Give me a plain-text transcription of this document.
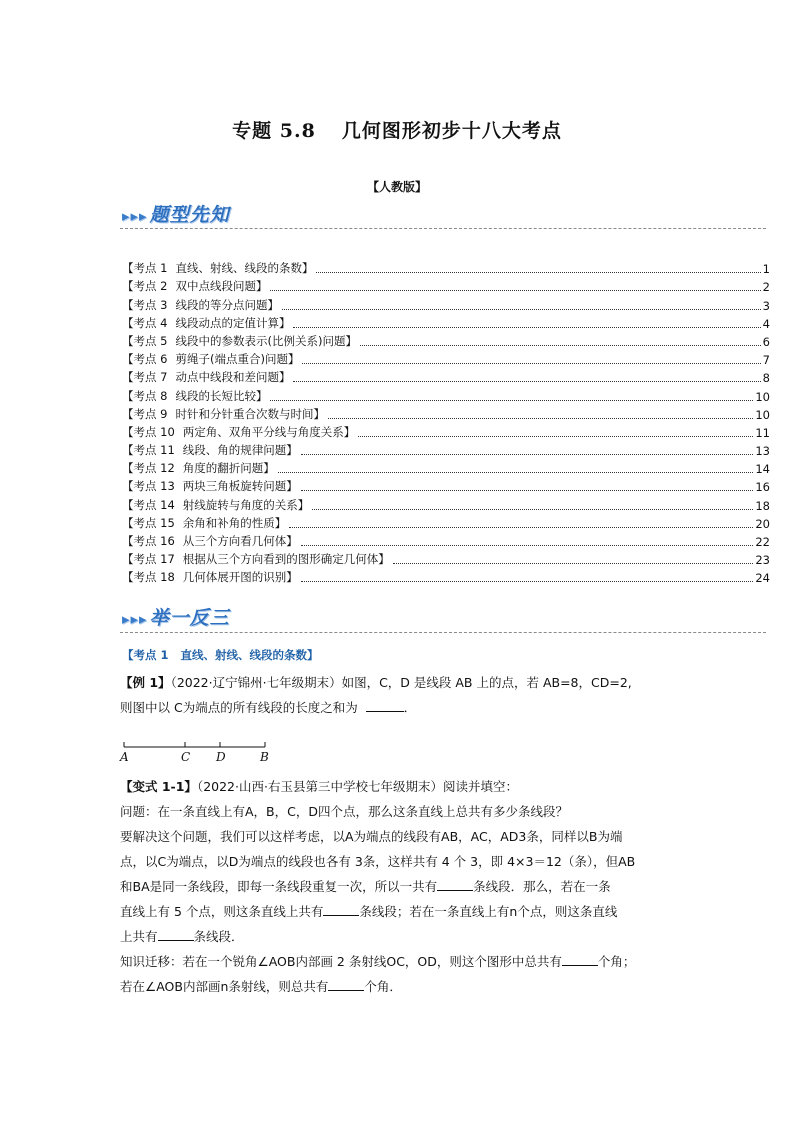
专题 5.8 几何图形初步十八大考点
【人教版】
▸▸▸ 题型先知
【考点 1 直线、射线、线段的条数】	1
【考点 2 双中点线段问题】	2
【考点 3 线段的等分点问题】	3
【考点 4 线段动点的定值计算】	4
【考点 5 线段中的参数表示(比例关系)问题】	6
【考点 6 剪绳子(端点重合)问题】	7
【考点 7 动点中线段和差问题】	8
【考点 8 线段的长短比较】	10
【考点 9 时针和分针重合次数与时间】	10
【考点 10 两定角、双角平分线与角度关系】	11
【考点 11 线段、角的规律问题】	13
【考点 12 角度的翻折问题】	14
【考点 13 两块三角板旋转问题】	16
【考点 14 射线旋转与角度的关系】	18
【考点 15 余角和补角的性质】	20
【考点 16 从三个方向看几何体】	22
【考点 17 根据从三个方向看到的图形确定几何体】	23
【考点 18 几何体展开图的识别】	24
▸▸▸ 举一反三
【考点 1 直线、射线、线段的条数】
【例 1】（2022·辽宁锦州·七年级期末）如图，C，D 是线段 AB 上的点，若 AB=8，CD=2,
则图中以 C为端点的所有线段的长度之和为	．
A	C D	B
【变式 1-1】（2022·山西·右玉县第三中学校七年级期末）阅读并填空：
问题：在一条直线上有A，B，C，D四个点，那么这条直线上总共有多少条线段？
要解决这个问题，我们可以这样考虑，以A为端点的线段有AB，AC，AD3条，同样以B为端
点，以C为端点，以D为端点的线段也各有 3条，这样共有 4 个 3，即 4×3＝12（条），但AB
和BA是同一条线段，即每一条线段重复一次，所以一共有	条线段．那么，若在一条
直线上有 5 个点，则这条直线上共有	条线段；若在一条直线上有n个点，则这条直线
上共有	条线段．
知识迁移：若在一个锐角∠AOB内部画 2 条射线OC，OD，则这个图形中总共有	个角；
若在∠AOB内部画n条射线，则总共有	个角．
